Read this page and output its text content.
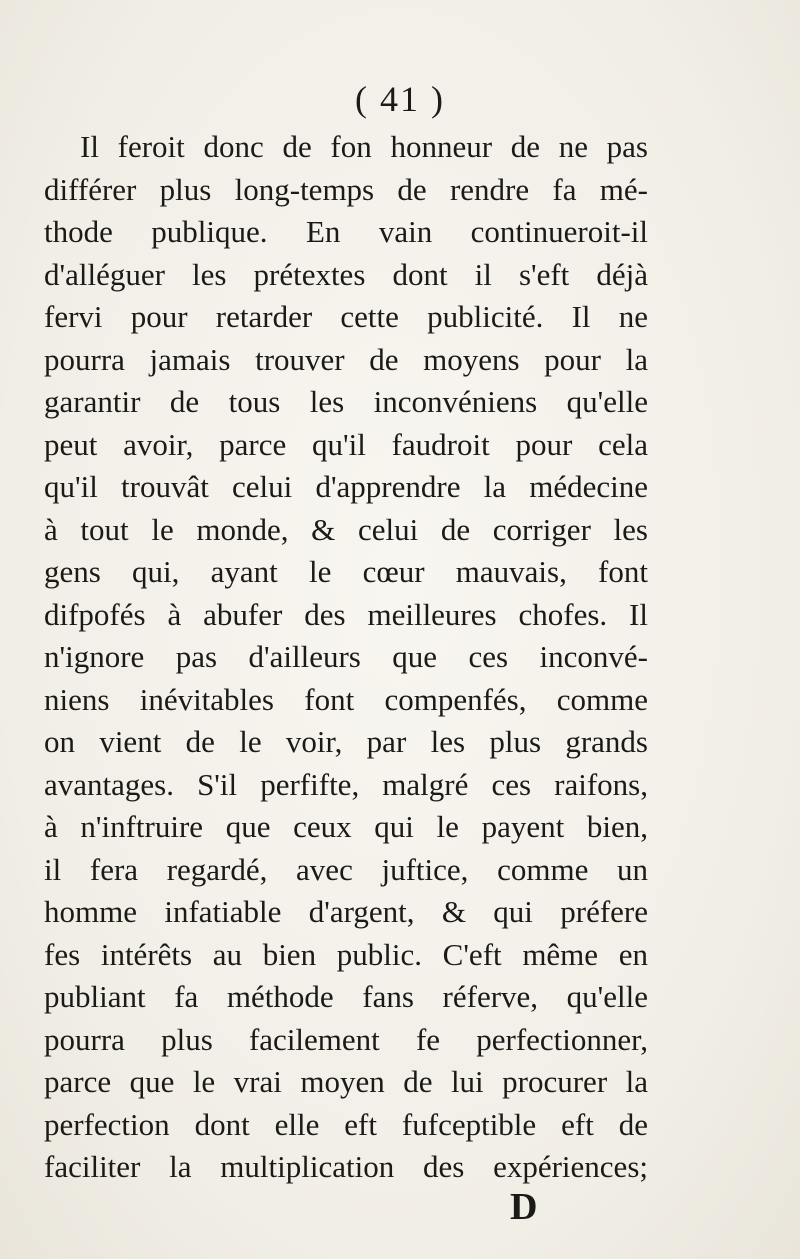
( 41 )
Il feroit donc de fon honneur de ne pas
différer plus long-temps de rendre fa mé-
thode publique. En vain continueroit-il
d'alléguer les prétextes dont il s'eft déjà
fervi pour retarder cette publicité. Il ne
pourra jamais trouver de moyens pour la
garantir de tous les inconvéniens qu'elle
peut avoir, parce qu'il faudroit pour cela
qu'il trouvât celui d'apprendre la médecine
à tout le monde, & celui de corriger les
gens qui, ayant le cœur mauvais, font
difpofés à abufer des meilleures chofes. Il
n'ignore pas d'ailleurs que ces inconvé-
niens inévitables font compenfés, comme
on vient de le voir, par les plus grands
avantages. S'il perfifte, malgré ces raifons,
à n'inftruire que ceux qui le payent bien,
il fera regardé, avec juftice, comme un
homme infatiable d'argent, & qui préfere
fes intérêts au bien public. C'eft même en
publiant fa méthode fans réferve, qu'elle
pourra plus facilement fe perfectionner,
parce que le vrai moyen de lui procurer la
perfection dont elle eft fufceptible eft de
faciliter la multiplication des expériences;
D
